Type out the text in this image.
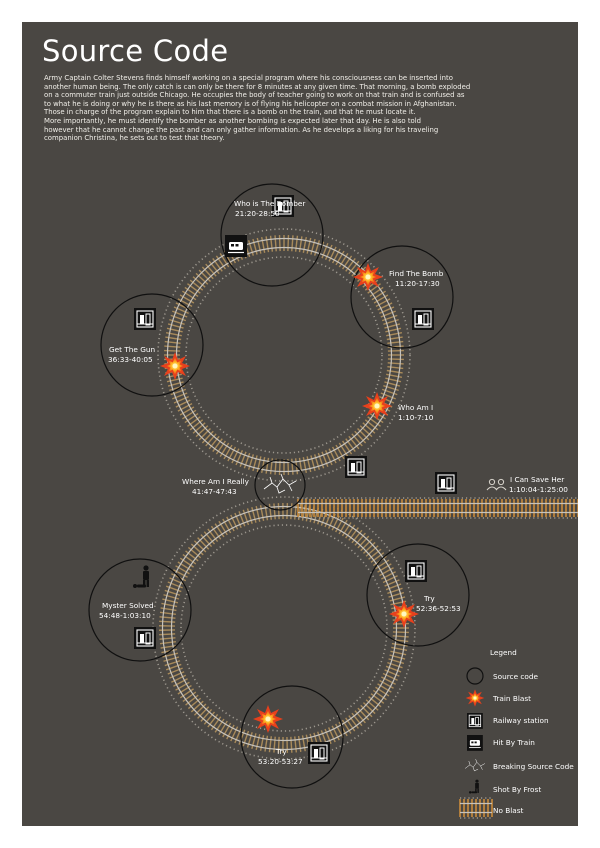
Source Code
Army Captain Colter Stevens finds himself working on a special program where his consciousness can be inserted into
another human being. The only catch is can only be there for 8 minutes at any given time. That morning, a bomb exploded
on a commuter train just outside Chicago. He occupies the body of teacher going to work on that train and is confused as
to what he is doing or why he is there as his last memory is of flying his helicopter on a combat mission in Afghanistan.
Those in charge of the program explain to him that there is a bomb on the train, and that he must locate it.
More importantly, he must identify the bomber as another bombing is expected later that day. He is also told
however that he cannot change the past and can only gather information. As he develops a liking for his traveling
companion Christina, he sets out to test that theory.
Who is The Bomber
21:20-28:50
Find The Bomb
11:20-17:30
Get The Gun
36:33-40:05
Who Am I
1:10-7:10
Where Am I Really
41:47-47:43
I Can Save Her
1:10:04-1:25:00
Myster Solved
54:48-1:03:10
Try
52:36-52:53
Try
53:20-53:27
Legend
Source code
Train Blast
Railway station
Hit By Train
Breaking Source Code
Shot By Frost
No Blast
